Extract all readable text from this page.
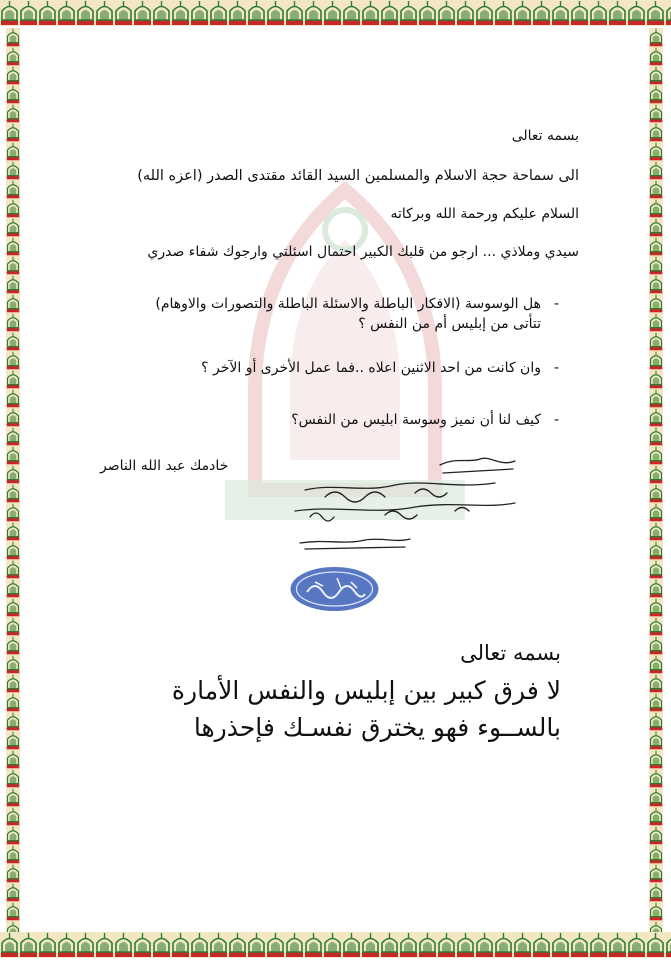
بسمه تعالى
الى سماحة حجة الاسلام والمسلمين السيد القائد مقتدى الصدر (اعزه الله)
السلام عليكم ورحمة الله وبركاته
سيدي وملاذي ... ارجو من قلبك الكبير احتمال اسئلتي وارجوك شفاء صدري
-هل الوسوسة (الافكار الباطلة والاسئلة الباطلة والتصورات والاوهام)
تتأتى من إبليس أم من النفس ؟
-وان كانت من احد الاثنين اعلاه ..فما عمل الأخرى أو الآخر ؟
-كيف لنا أن نميز وسوسة ابليس من النفس؟
خادمك عبد الله الناصر
بسمه تعالى
لا فرق كبير بين إبليس والنفس الأمارة
بالســوء فهو يخترق نفسـك فإحذرها
